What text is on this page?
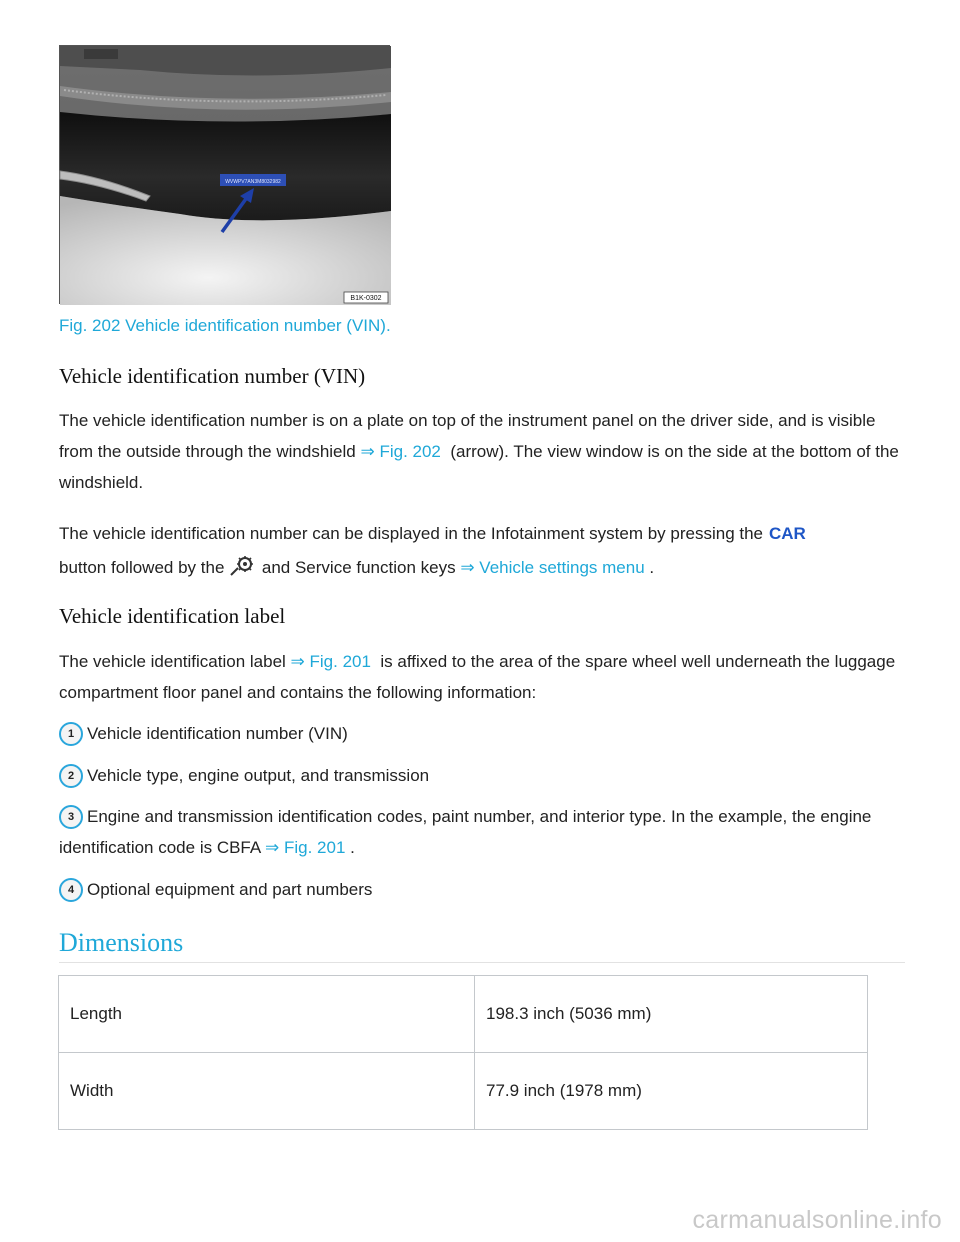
WVWPV7AN3M8032982
B1K-0302
Fig. 202 Vehicle identification number (VIN).
Vehicle identification number (VIN)

The vehicle identification number is on a plate on top of the instrument panel on the driver side, and is visible from the outside through the windshield ⇒ Fig. 202 (arrow). The view window is on the side at the bottom of the windshield.

The vehicle identification number can be displayed in the Infotainment system by pressing the CAR

button followed by the and Service function keys ⇒ Vehicle settings menu .

Vehicle identification label

The vehicle identification label ⇒ Fig. 201 is affixed to the area of the spare wheel well underneath the luggage compartment floor panel and contains the following information:

1 Vehicle identification number (VIN)

2 Vehicle type, engine output, and transmission

3 Engine and transmission identification codes, paint number, and interior type. In the example, the engine identification code is CBFA ⇒ Fig. 201 .

4 Optional equipment and part numbers

Dimensions
Length	198.3 inch (5036 mm)
Width	77.9 inch (1978 mm)
carmanualsonline.info
